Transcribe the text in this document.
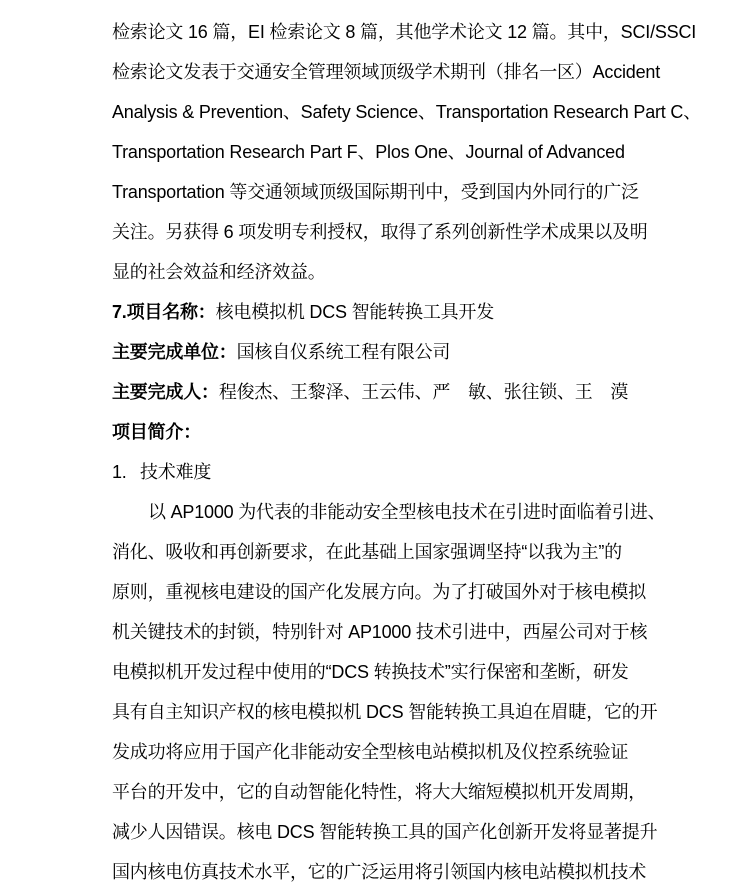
检索论文 16 篇，EI 检索论文 8 篇，其他学术论文 12 篇。其中，SCI/SSCI
检索论文发表于交通安全管理领域顶级学术期刊（排名一区）Accident
Analysis & Prevention、Safety Science、Transportation Research Part C、
Transportation Research Part F、Plos One、Journal of Advanced
Transportation 等交通领域顶级国际期刊中，受到国内外同行的广泛
关注。另获得 6 项发明专利授权，取得了系列创新性学术成果以及明
显的社会效益和经济效益。
7.项目名称：核电模拟机 DCS 智能转换工具开发
主要完成单位：国核自仪系统工程有限公司
主要完成人：程俊杰、王黎泽、王云伟、严　敏、张往锁、王　漠
项目简介：
1. 技术难度
以 AP1000 为代表的非能动安全型核电技术在引进时面临着引进、
消化、吸收和再创新要求，在此基础上国家强调坚持“以我为主”的
原则，重视核电建设的国产化发展方向。为了打破国外对于核电模拟
机关键技术的封锁，特别针对 AP1000 技术引进中，西屋公司对于核
电模拟机开发过程中使用的“DCS 转换技术”实行保密和垄断，研发
具有自主知识产权的核电模拟机 DCS 智能转换工具迫在眉睫，它的开
发成功将应用于国产化非能动安全型核电站模拟机及仪控系统验证
平台的开发中，它的自动智能化特性，将大大缩短模拟机开发周期，
减少人因错误。核电 DCS 智能转换工具的国产化创新开发将显著提升
国内核电仿真技术水平，它的广泛运用将引领国内核电站模拟机技术
